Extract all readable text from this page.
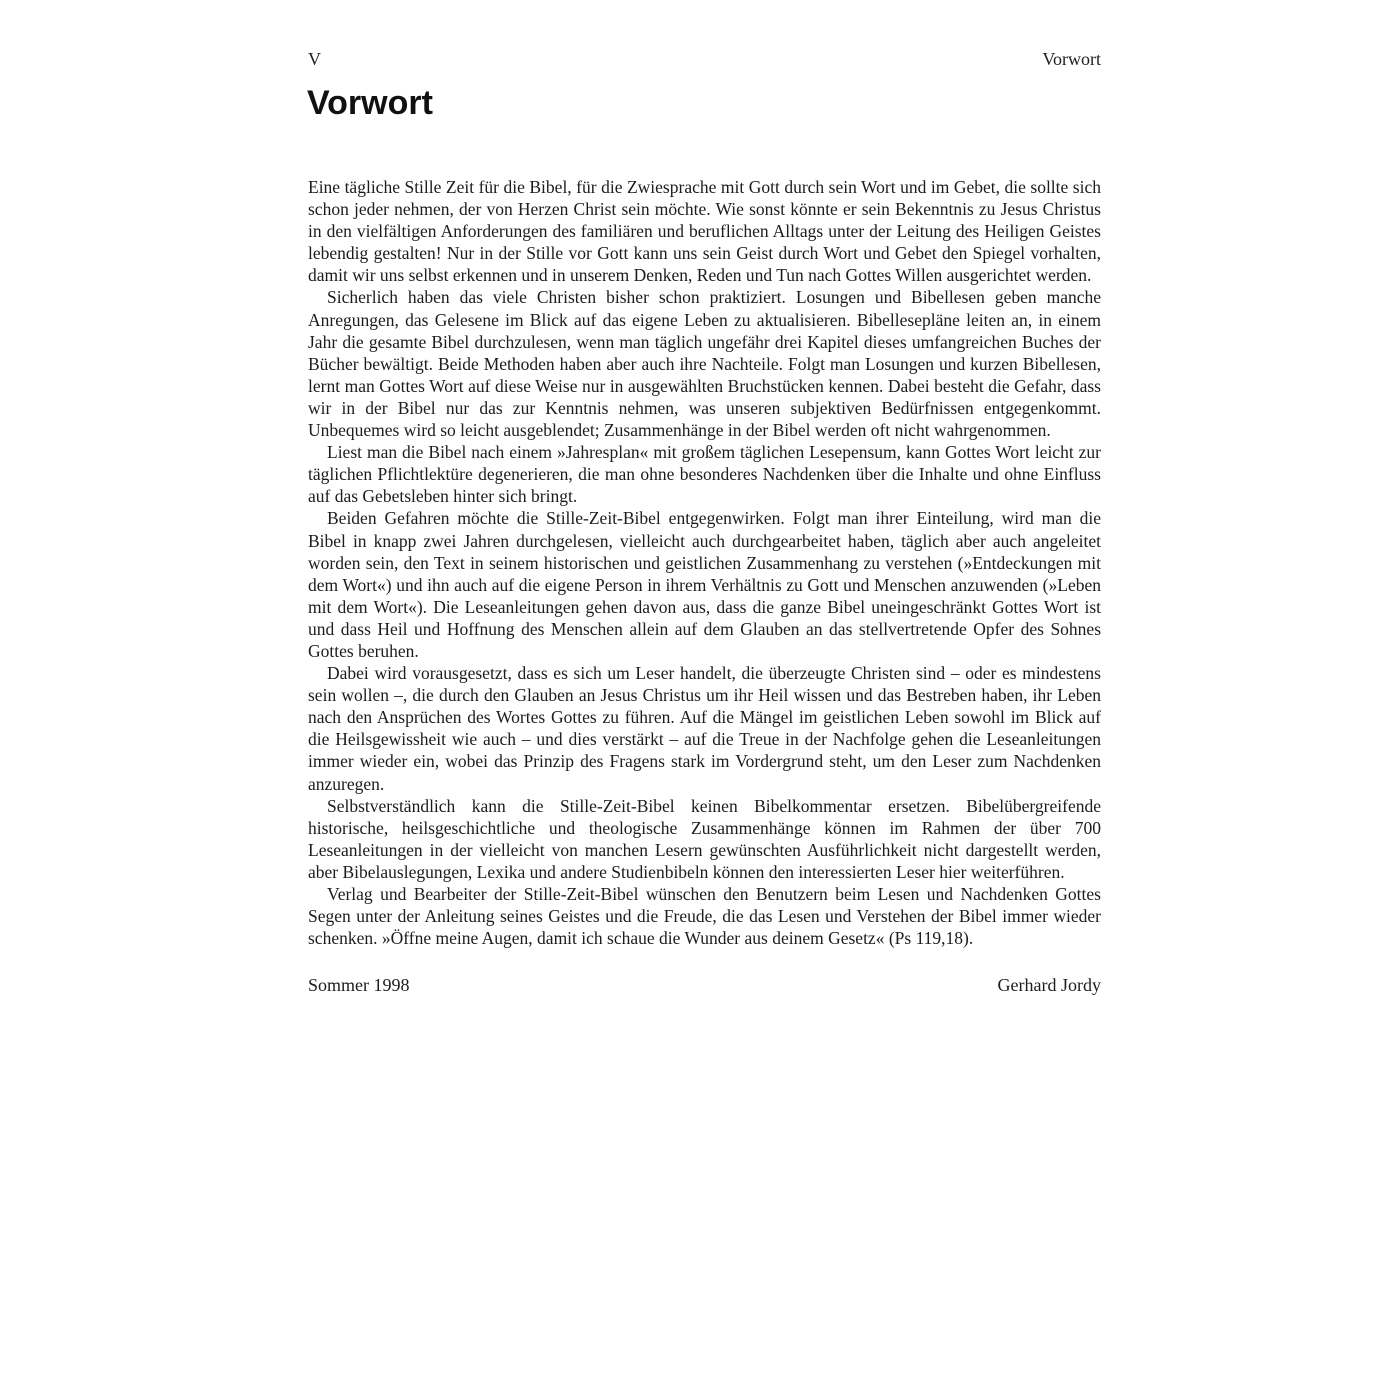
V	Vorwort
Vorwort

Eine tägliche Stille Zeit für die Bibel, für die Zwiesprache mit Gott durch sein Wort und im Gebet, die sollte sich schon jeder nehmen, der von Herzen Christ sein möchte. Wie sonst könnte er sein Bekenntnis zu Jesus Christus in den vielfältigen Anforderungen des familiären und beruflichen Alltags unter der Leitung des Heiligen Geistes lebendig gestalten! Nur in der Stille vor Gott kann uns sein Geist durch Wort und Gebet den Spiegel vorhalten, damit wir uns selbst erkennen und in unserem Denken, Reden und Tun nach Gottes Willen ausgerichtet werden.

Sicherlich haben das viele Christen bisher schon praktiziert. Losungen und Bibellesen geben manche Anregungen, das Gelesene im Blick auf das eigene Leben zu aktualisieren. Bibellesepläne leiten an, in einem Jahr die gesamte Bibel durchzulesen, wenn man täglich ungefähr drei Kapitel dieses umfangreichen Buches der Bücher bewältigt. Beide Methoden haben aber auch ihre Nachteile. Folgt man Losungen und kurzen Bibellesen, lernt man Gottes Wort auf diese Weise nur in ausgewählten Bruchstücken kennen. Dabei besteht die Gefahr, dass wir in der Bibel nur das zur Kenntnis nehmen, was unseren subjektiven Bedürfnissen entgegenkommt. Unbequemes wird so leicht ausgeblendet; Zusammenhänge in der Bibel werden oft nicht wahrgenommen.

Liest man die Bibel nach einem »Jahresplan« mit großem täglichen Lesepensum, kann Gottes Wort leicht zur täglichen Pflichtlektüre degenerieren, die man ohne besonderes Nachdenken über die Inhalte und ohne Einfluss auf das Gebetsleben hinter sich bringt.

Beiden Gefahren möchte die Stille-Zeit-Bibel entgegenwirken. Folgt man ihrer Einteilung, wird man die Bibel in knapp zwei Jahren durchgelesen, vielleicht auch durchgearbeitet haben, täglich aber auch angeleitet worden sein, den Text in seinem historischen und geistlichen Zusammenhang zu verstehen (»Entdeckungen mit dem Wort«) und ihn auch auf die eigene Person in ihrem Verhältnis zu Gott und Menschen anzuwenden (»Leben mit dem Wort«). Die Leseanleitungen gehen davon aus, dass die ganze Bibel uneingeschränkt Gottes Wort ist und dass Heil und Hoffnung des Menschen allein auf dem Glauben an das stellvertretende Opfer des Sohnes Gottes beruhen.

Dabei wird vorausgesetzt, dass es sich um Leser handelt, die überzeugte Christen sind – oder es mindestens sein wollen –, die durch den Glauben an Jesus Christus um ihr Heil wissen und das Bestreben haben, ihr Leben nach den Ansprüchen des Wortes Gottes zu führen. Auf die Mängel im geistlichen Leben sowohl im Blick auf die Heilsgewissheit wie auch – und dies verstärkt – auf die Treue in der Nachfolge gehen die Leseanleitungen immer wieder ein, wobei das Prinzip des Fragens stark im Vordergrund steht, um den Leser zum Nachdenken anzuregen.

Selbstverständlich kann die Stille-Zeit-Bibel keinen Bibelkommentar ersetzen. Bibelübergreifende historische, heilsgeschichtliche und theologische Zusammenhänge können im Rahmen der über 700 Leseanleitungen in der vielleicht von manchen Lesern gewünschten Ausführlichkeit nicht dargestellt werden, aber Bibelauslegungen, Lexika und andere Studienbibeln können den interessierten Leser hier weiterführen.

Verlag und Bearbeiter der Stille-Zeit-Bibel wünschen den Benutzern beim Lesen und Nachdenken Gottes Segen unter der Anleitung seines Geistes und die Freude, die das Lesen und Verstehen der Bibel immer wieder schenken. »Öffne meine Augen, damit ich schaue die Wunder aus deinem Gesetz« (Ps 119,18).

Sommer 1998	Gerhard Jordy
